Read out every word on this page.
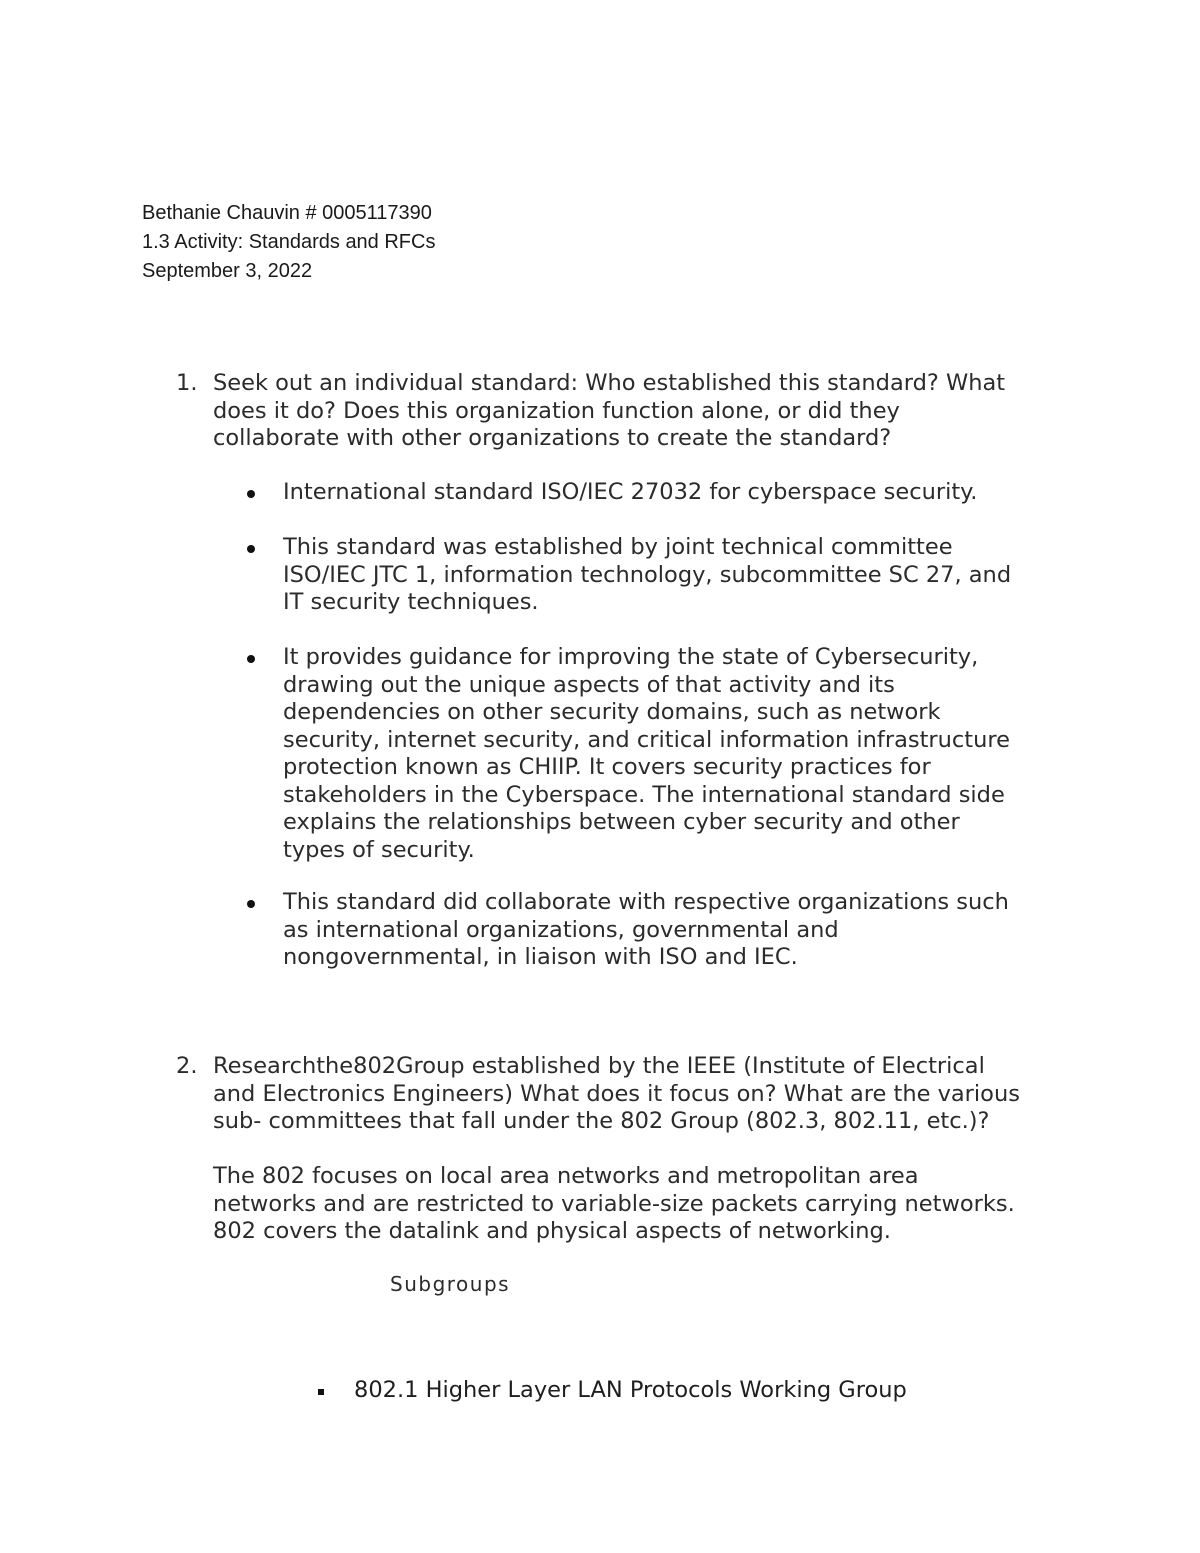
Bethanie Chauvin # 0005117390
1.3 Activity: Standards and RFCs
September 3, 2022
1. Seek out an individual standard: Who established this standard? What
does it do? Does this organization function alone, or did they
collaborate with other organizations to create the standard?
International standard ISO/IEC 27032 for cyberspace security.
This standard was established by joint technical committee
ISO/IEC JTC 1, information technology, subcommittee SC 27, and
IT security techniques.
It provides guidance for improving the state of Cybersecurity,
drawing out the unique aspects of that activity and its
dependencies on other security domains, such as network
security, internet security, and critical information infrastructure
protection known as CHIIP. It covers security practices for
stakeholders in the Cyberspace. The international standard side
explains the relationships between cyber security and other
types of security.
This standard did collaborate with respective organizations such
as international organizations, governmental and
nongovernmental, in liaison with ISO and IEC.
2. Researchthe802Group established by the IEEE (Institute of Electrical
and Electronics Engineers) What does it focus on? What are the various
sub- committees that fall under the 802 Group (802.3, 802.11, etc.)?
The 802 focuses on local area networks and metropolitan area
networks and are restricted to variable-size packets carrying networks.
802 covers the datalink and physical aspects of networking.
Subgroups
802.1 Higher Layer LAN Protocols Working Group
